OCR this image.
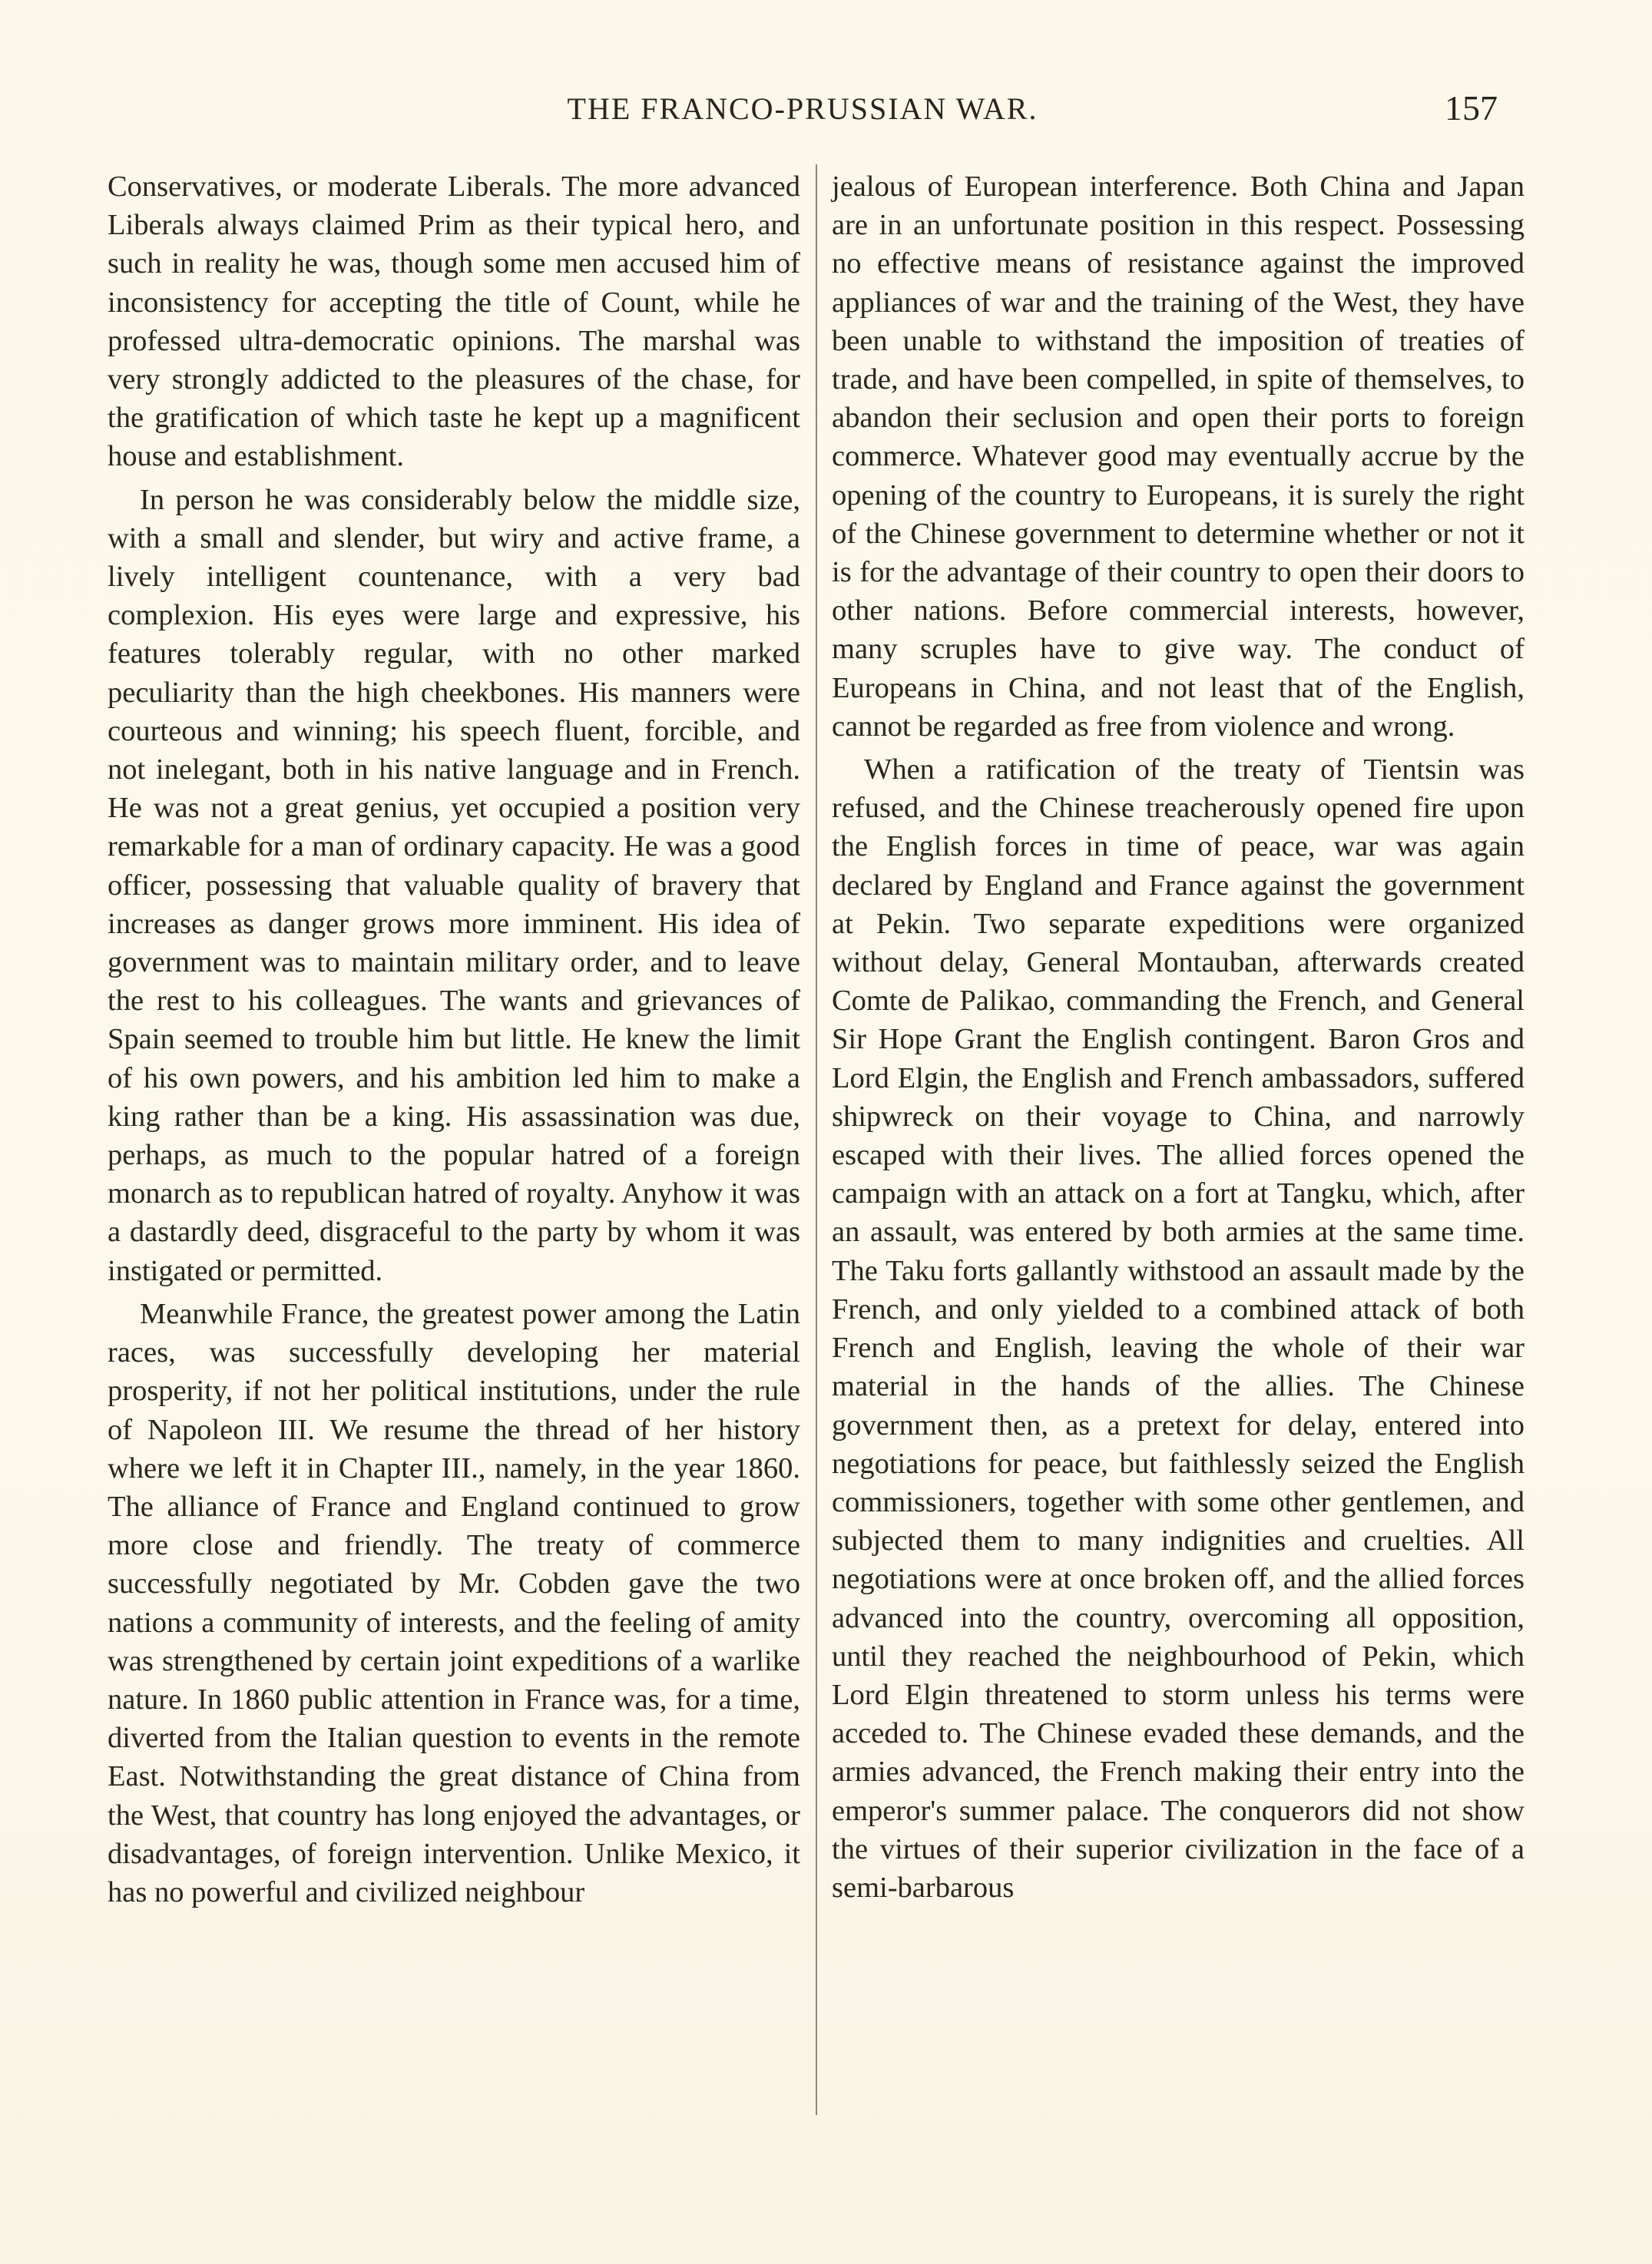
THE FRANCO-PRUSSIAN WAR.	157

Conservatives, or moderate Liberals. The more advanced Liberals always claimed Prim as their typical hero, and such in reality he was, though some men accused him of inconsistency for accepting the title of Count, while he professed ultra-democratic opinions. The marshal was very strongly addicted to the pleasures of the chase, for the gratification of which taste he kept up a magnificent house and establishment.

In person he was considerably below the middle size, with a small and slender, but wiry and active frame, a lively intelligent countenance, with a very bad complexion. His eyes were large and expressive, his features tolerably regular, with no other marked peculiarity than the high cheekbones. His manners were courteous and winning; his speech fluent, forcible, and not inelegant, both in his native language and in French. He was not a great genius, yet occupied a position very remarkable for a man of ordinary capacity. He was a good officer, possessing that valuable quality of bravery that increases as danger grows more imminent. His idea of government was to maintain military order, and to leave the rest to his colleagues. The wants and grievances of Spain seemed to trouble him but little. He knew the limit of his own powers, and his ambition led him to make a king rather than be a king. His assassination was due, perhaps, as much to the popular hatred of a foreign monarch as to republican hatred of royalty. Anyhow it was a dastardly deed, disgraceful to the party by whom it was instigated or permitted.

Meanwhile France, the greatest power among the Latin races, was successfully developing her material prosperity, if not her political institutions, under the rule of Napoleon III. We resume the thread of her history where we left it in Chapter III., namely, in the year 1860. The alliance of France and England continued to grow more close and friendly. The treaty of commerce successfully negotiated by Mr. Cobden gave the two nations a community of interests, and the feeling of amity was strengthened by certain joint expeditions of a warlike nature. In 1860 public attention in France was, for a time, diverted from the Italian question to events in the remote East. Notwithstanding the great distance of China from the West, that country has long enjoyed the advantages, or disadvantages, of foreign intervention. Unlike Mexico, it has no powerful and civilized neighbour

jealous of European interference. Both China and Japan are in an unfortunate position in this respect. Possessing no effective means of resistance against the improved appliances of war and the training of the West, they have been unable to withstand the imposition of treaties of trade, and have been compelled, in spite of themselves, to abandon their seclusion and open their ports to foreign commerce. Whatever good may eventually accrue by the opening of the country to Europeans, it is surely the right of the Chinese government to determine whether or not it is for the advantage of their country to open their doors to other nations. Before commercial interests, however, many scruples have to give way. The conduct of Europeans in China, and not least that of the English, cannot be regarded as free from violence and wrong.

When a ratification of the treaty of Tientsin was refused, and the Chinese treacherously opened fire upon the English forces in time of peace, war was again declared by England and France against the government at Pekin. Two separate expeditions were organized without delay, General Montauban, afterwards created Comte de Palikao, commanding the French, and General Sir Hope Grant the English contingent. Baron Gros and Lord Elgin, the English and French ambassadors, suffered shipwreck on their voyage to China, and narrowly escaped with their lives. The allied forces opened the campaign with an attack on a fort at Tangku, which, after an assault, was entered by both armies at the same time. The Taku forts gallantly withstood an assault made by the French, and only yielded to a combined attack of both French and English, leaving the whole of their war material in the hands of the allies. The Chinese government then, as a pretext for delay, entered into negotiations for peace, but faithlessly seized the English commissioners, together with some other gentlemen, and subjected them to many indignities and cruelties. All negotiations were at once broken off, and the allied forces advanced into the country, overcoming all opposition, until they reached the neighbourhood of Pekin, which Lord Elgin threatened to storm unless his terms were acceded to. The Chinese evaded these demands, and the armies advanced, the French making their entry into the emperor's summer palace. The conquerors did not show the virtues of their superior civilization in the face of a semi-barbarous
